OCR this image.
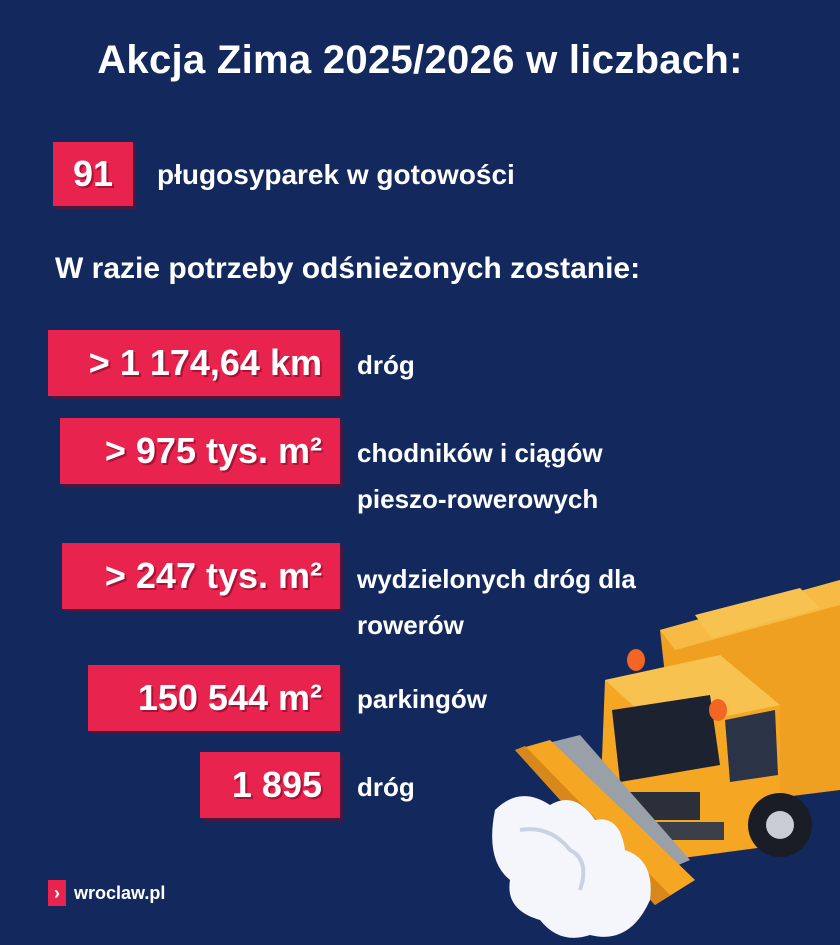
Akcja Zima 2025/2026 w liczbach:
91 pługosyparek w gotowości
W razie potrzeby odśnieżonych zostanie:
> 1 174,64 km dróg
> 975 tys. m² chodników i ciągów
pieszo-rowerowych
> 247 tys. m² wydzielonych dróg dla
rowerów
150 544 m² parkingów
1 895 dróg
› wroclaw.pl
